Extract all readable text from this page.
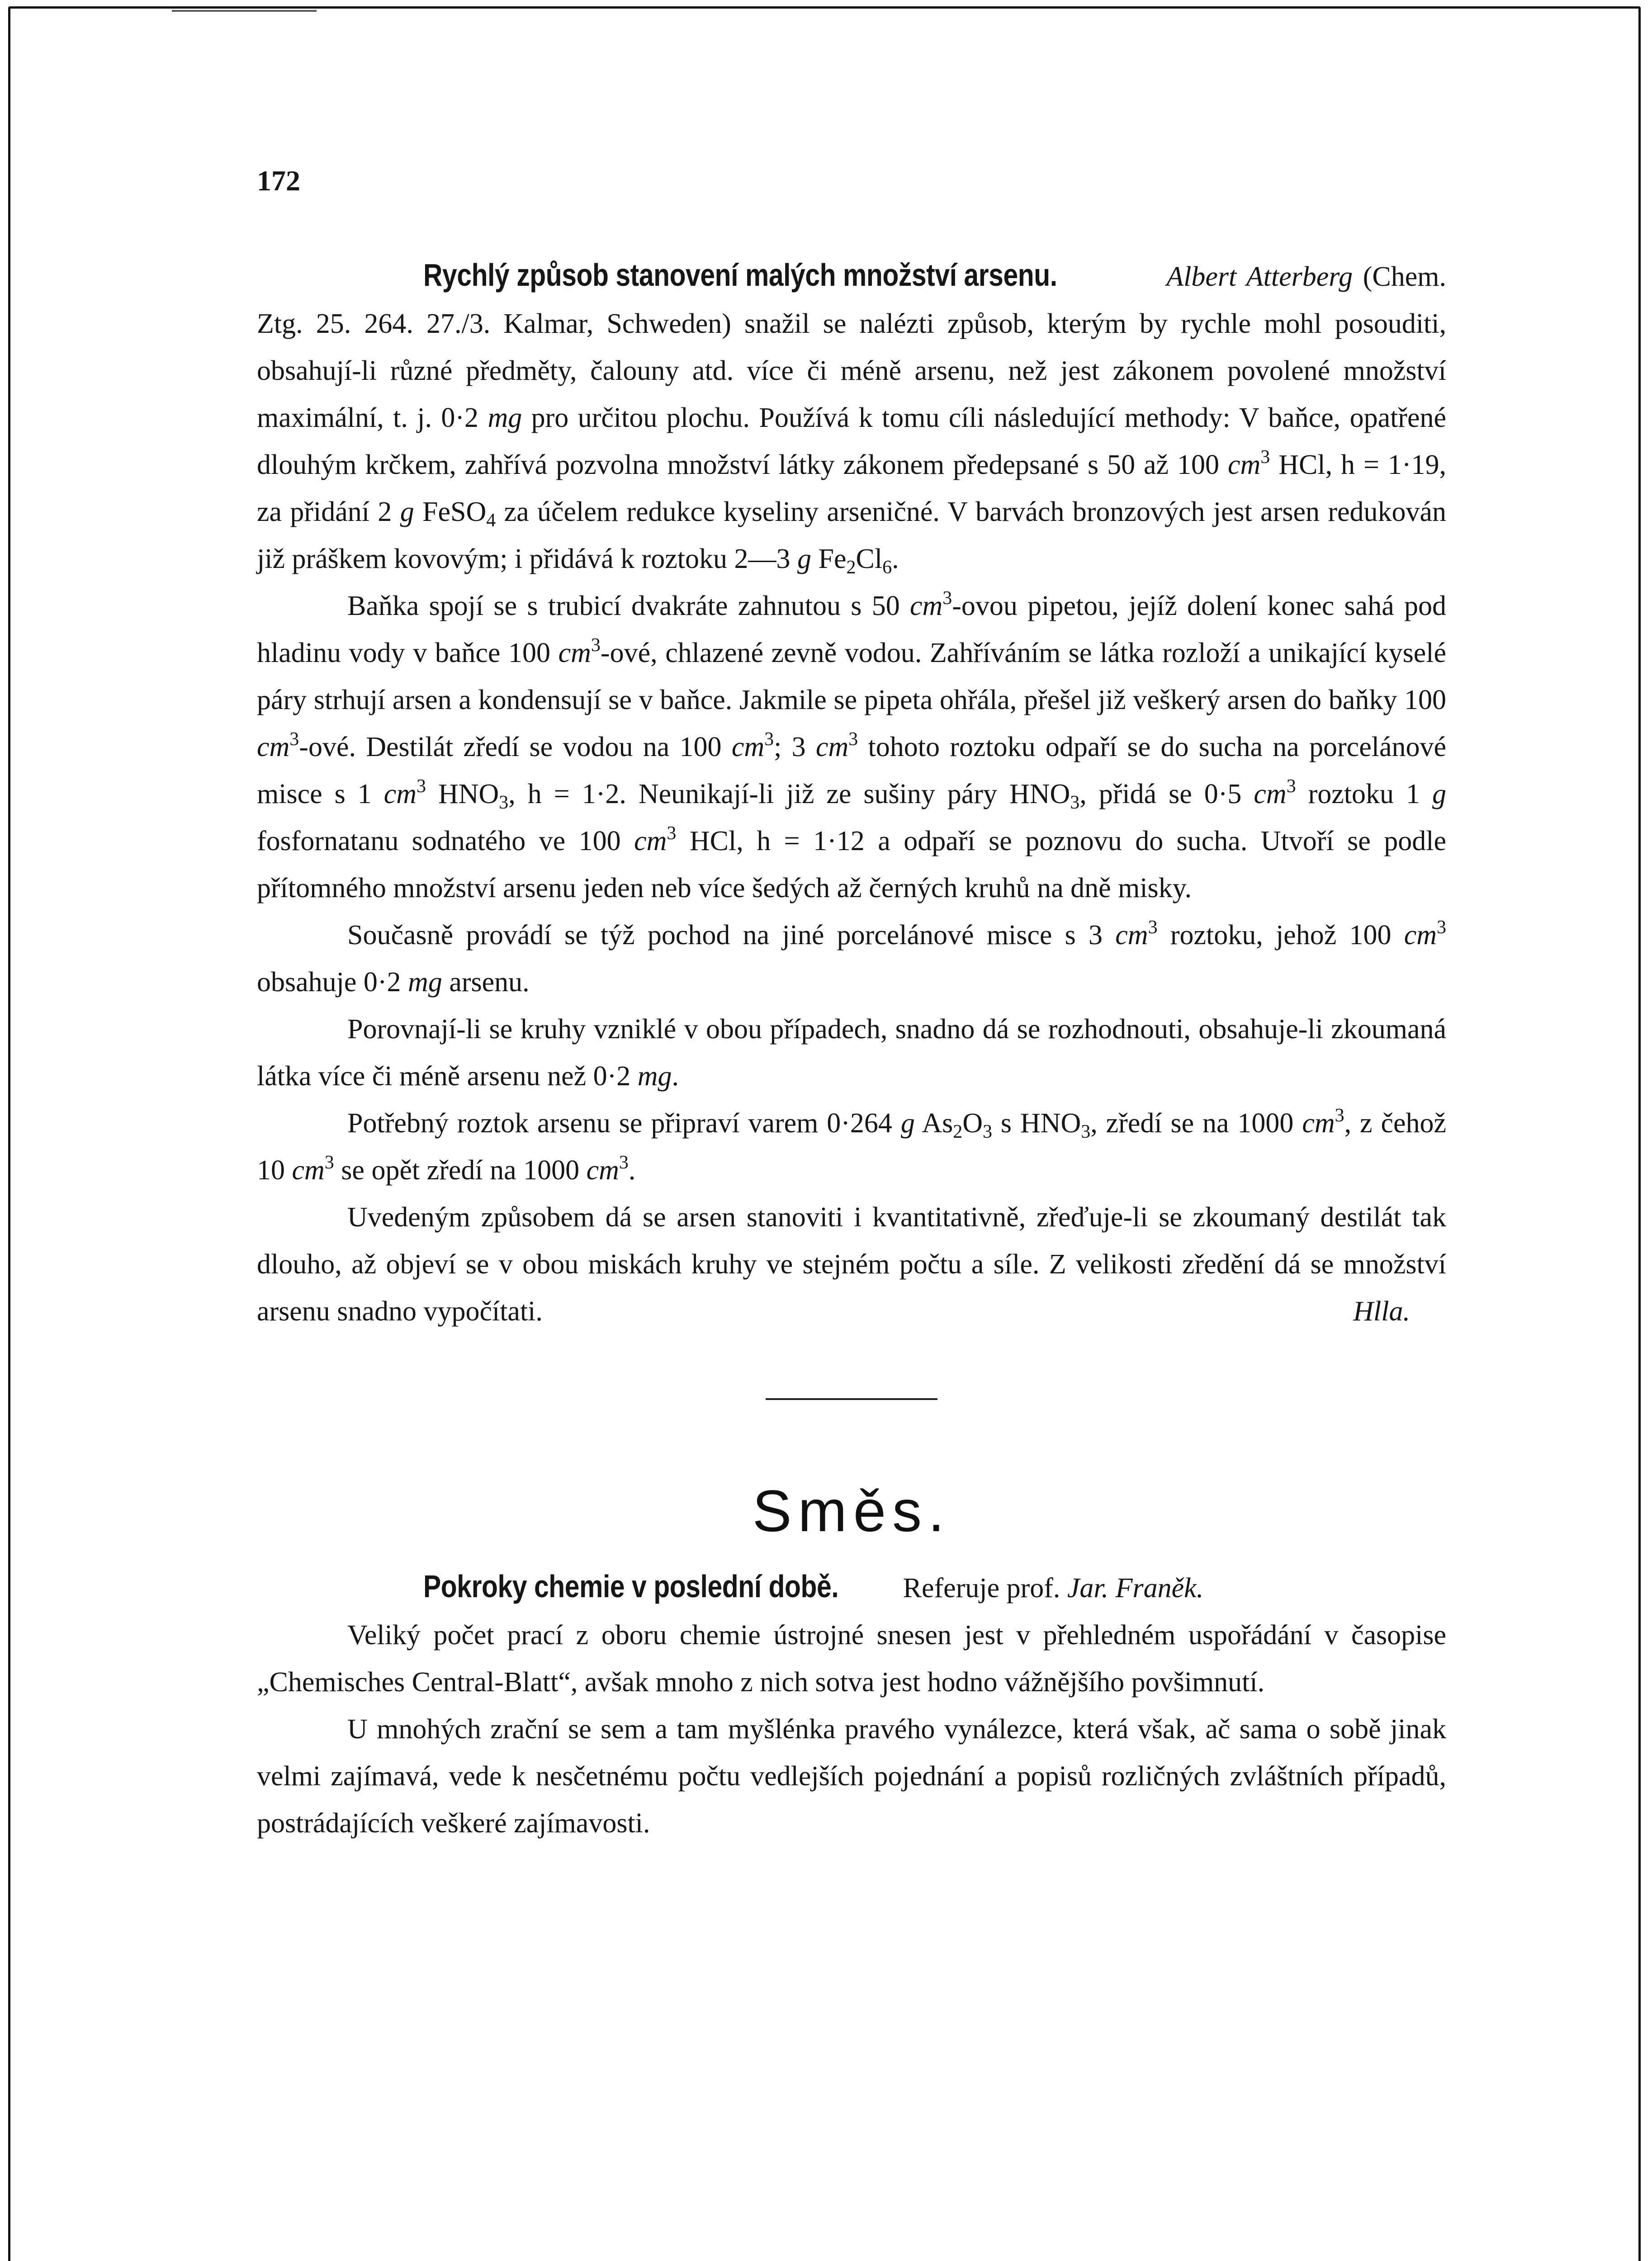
172

Rychlý způsob stanovení malých množství arsenu.	Albert Atterberg (Chem. Ztg. 25. 264. 27./3. Kalmar, Schweden) snažil se nalézti způsob, kterým by rychle mohl posouditi, obsahují-li různé předměty, čalouny atd. více či méně arsenu, než jest zákonem povolené množství maximální, t. j. 0·2 mg pro určitou plochu. Používá k tomu cíli následující methody: V baňce, opatřené dlouhým krčkem, zahřívá pozvolna množství látky zákonem předepsané s 50 až 100 $cm^3$ HCl, h = 1·19, za přidání 2 g FeSO$_4$ za účelem redukce kyseliny arseničné. V barvách bronzových jest arsen redukován již práškem kovovým; i přidává k roztoku 2—3 g $Fe_2Cl_6$.

Baňka spojí se s trubicí dvakráte zahnutou s 50 $cm^3$-ovou pipetou, jejíž dolení konec sahá pod hladinu vody v baňce 100 $cm^3$-ové, chlazené zevně vodou. Zahříváním se látka rozloží a unikající kyselé páry strhují arsen a kondensují se v baňce. Jakmile se pipeta ohřála, přešel již veškerý arsen do baňky 100 $cm^3$-ové. Destilát zředí se vodou na 100 $cm^3$; 3 $cm^3$ tohoto roztoku odpaří se do sucha na porcelánové misce s 1 $cm^3$ $HNO_3$, h = 1·2. Neunikají-li již ze sušiny páry $HNO_3$, přidá se 0·5 $cm^3$ roztoku 1 g fosfornatanu sodnatého ve 100 $cm^3$ HCl, h = 1·12 a odpaří se poznovu do sucha. Utvoří se podle přítomného množství arsenu jeden neb více šedých až černých kruhů na dně misky.

Současně provádí se týž pochod na jiné porcelánové misce s 3 $cm^3$ roztoku, jehož 100 $cm^3$ obsahuje 0·2 mg arsenu.

Porovnají-li se kruhy vzniklé v obou případech, snadno dá se rozhodnouti, obsahuje-li zkoumaná látka více či méně arsenu než 0·2 mg.

Potřebný roztok arsenu se připraví varem 0·264 g $As_2O_3$ s $HNO_3$, zředí se na 1000 $cm^3$, z čehož 10 $cm^3$ se opět zředí na 1000 $cm^3$.

Uvedeným způsobem dá se arsen stanoviti i kvantitativně, zřeďuje-li se zkoumaný destilát tak dlouho, až objeví se v obou miskách kruhy ve stejném počtu a síle. Z velikosti zředění dá se množství arsenu snadno vypočítati.	Hlla.
Směs.

Pokroky chemie v poslední době. Referuje prof. Jar. Franěk.

Veliký počet prací z oboru chemie ústrojné snesen jest v přehledném uspořádání v časopise „Chemisches Central-Blatt“, avšak mnoho z nich sotva jest hodno vážnějšího povšimnutí.

U mnohých zrační se sem a tam myšlénka pravého vynálezce, která však, ač sama o sobě jinak velmi zajímavá, vede k nesčetnému počtu vedlejších pojednání a popisů rozličných zvláštních případů, postrádajících veškeré zajímavosti.
